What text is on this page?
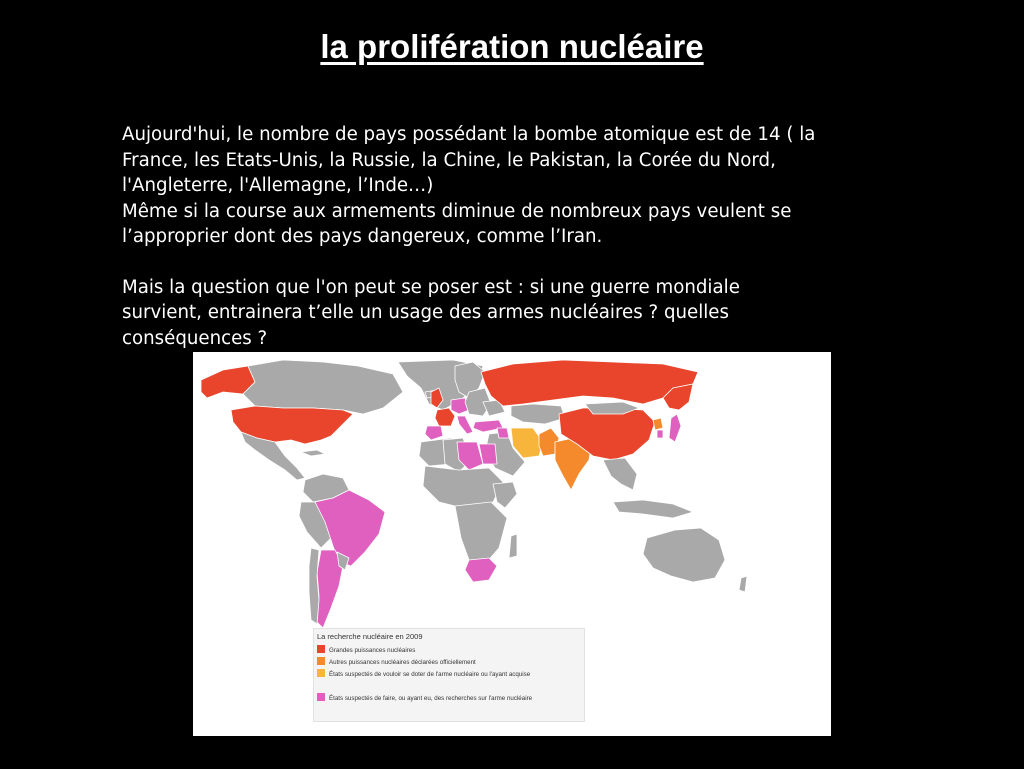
la prolifération nucléaire

Aujourd'hui, le nombre de pays possédant la bombe atomique est de 14 ( la
France, les Etats-Unis, la Russie, la Chine, le Pakistan, la Corée du Nord,
l'Angleterre, l'Allemagne, l’Inde…)
Même si la course aux armements diminue de nombreux pays veulent se
l’approprier dont des pays dangereux, comme l’Iran.

Mais la question que l'on peut se poser est : si une guerre mondiale
survient, entrainera t’elle un usage des armes nucléaires ? quelles
conséquences ?

La recherche nucléaire en 2009
Grandes puissances nucléaires
Autres puissances nucléaires déclarées officiellement
États suspectés de vouloir se doter de l'arme nucléaire ou l'ayant acquise
États suspectés de faire, ou ayant eu, des recherches sur l'arme nucléaire
